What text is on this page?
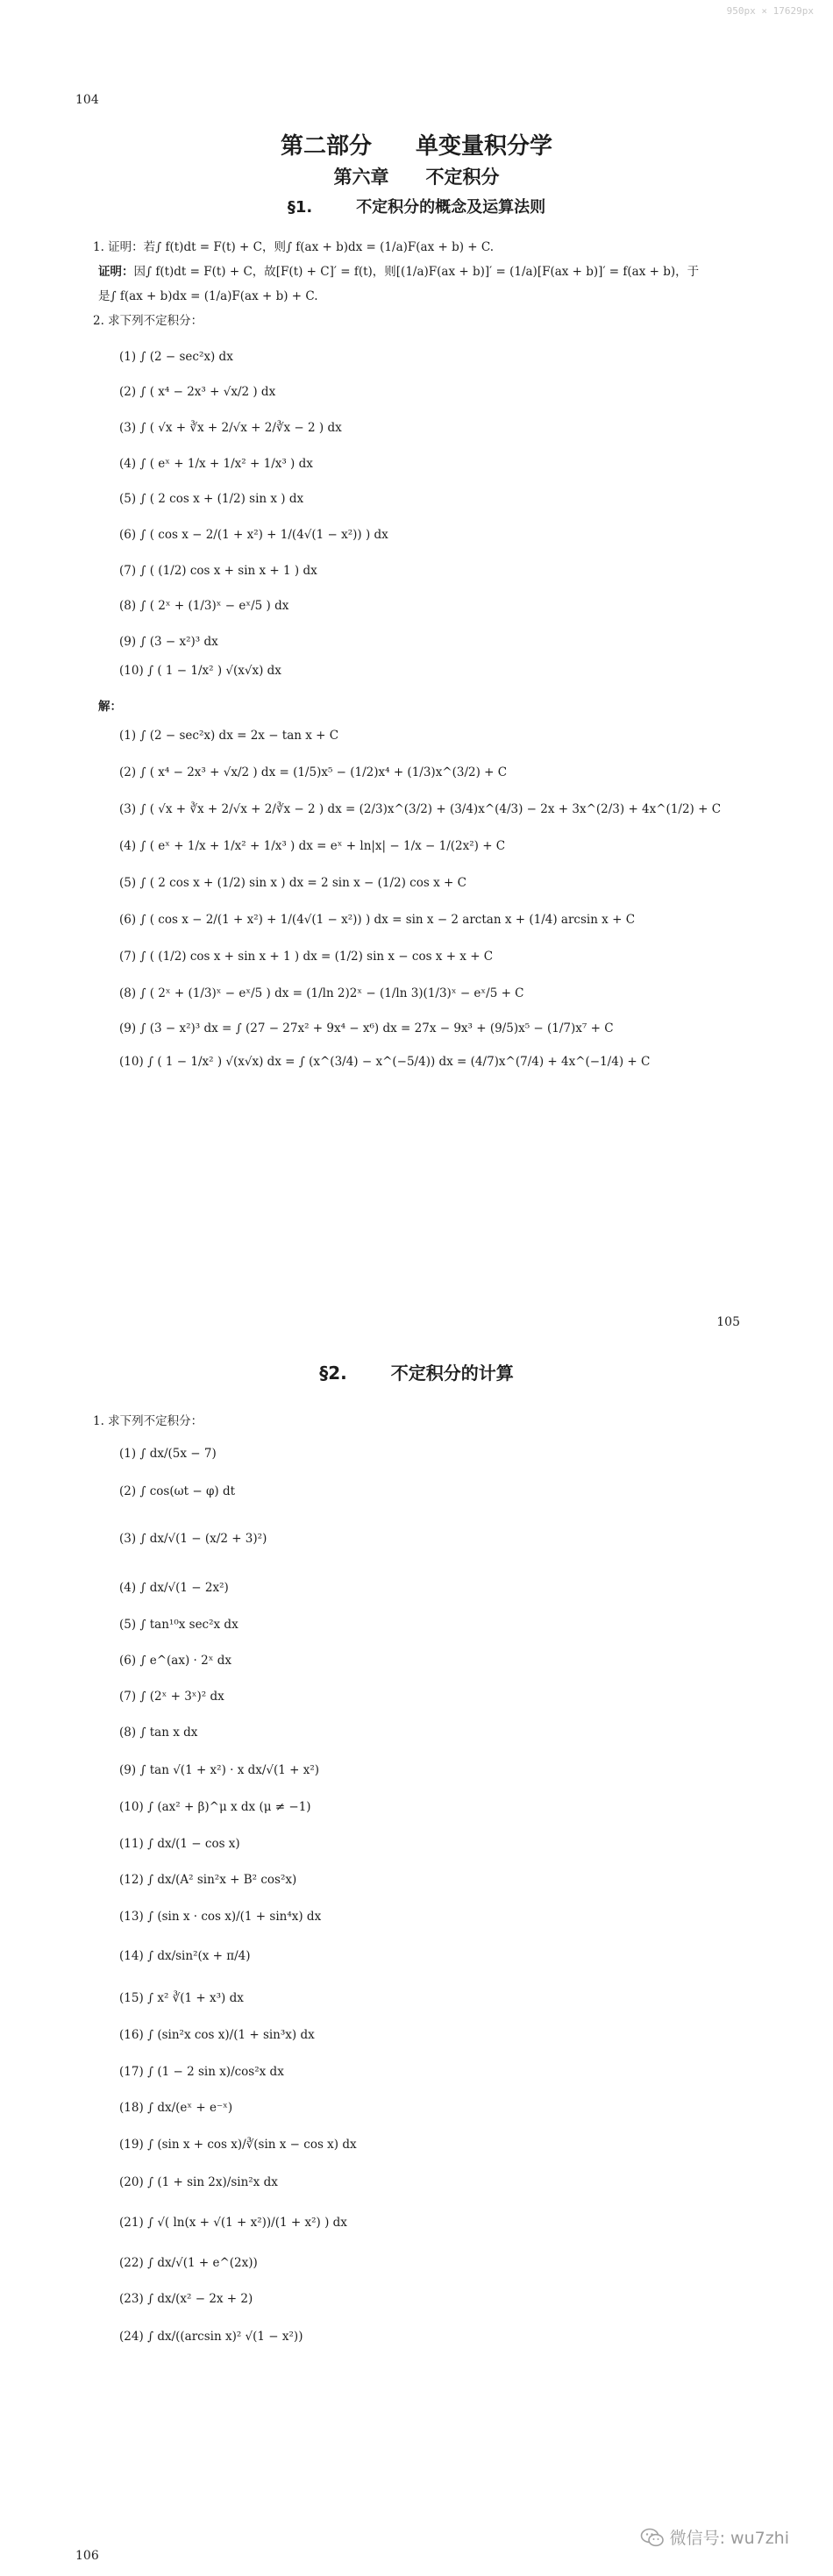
950px × 17629px
104
第二部分 单变量积分学
第六章 不定积分
§1.	不定积分的概念及运算法则
1. 证明：若∫ f(t)dt = F(t) + C，则∫ f(ax + b)dx = (1/a)F(ax + b) + C.
证明：因∫ f(t)dt = F(t) + C，故[F(t) + C]′ = f(t)，则[(1/a)F(ax + b)]′ = (1/a)[F(ax + b)]′ = f(ax + b)，于
是∫ f(ax + b)dx = (1/a)F(ax + b) + C.
2. 求下列不定积分：
(1) ∫ (2 − sec²x) dx
(2) ∫ ( x⁴ − 2x³ + √x/2 ) dx
(3) ∫ ( √x + ∛x + 2/√x + 2/∛x − 2 ) dx
(4) ∫ ( eˣ + 1/x + 1/x² + 1/x³ ) dx
(5) ∫ ( 2 cos x + (1/2) sin x ) dx
(6) ∫ ( cos x − 2/(1 + x²) + 1/(4√(1 − x²)) ) dx
(7) ∫ ( (1/2) cos x + sin x + 1 ) dx
(8) ∫ ( 2ˣ + (1/3)ˣ − eˣ/5 ) dx
(9) ∫ (3 − x²)³ dx
(10) ∫ ( 1 − 1/x² ) √(x√x) dx
解：
(1) ∫ (2 − sec²x) dx = 2x − tan x + C
(2) ∫ ( x⁴ − 2x³ + √x/2 ) dx = (1/5)x⁵ − (1/2)x⁴ + (1/3)x^(3/2) + C
(3) ∫ ( √x + ∛x + 2/√x + 2/∛x − 2 ) dx = (2/3)x^(3/2) + (3/4)x^(4/3) − 2x + 3x^(2/3) + 4x^(1/2) + C
(4) ∫ ( eˣ + 1/x + 1/x² + 1/x³ ) dx = eˣ + ln|x| − 1/x − 1/(2x²) + C
(5) ∫ ( 2 cos x + (1/2) sin x ) dx = 2 sin x − (1/2) cos x + C
(6) ∫ ( cos x − 2/(1 + x²) + 1/(4√(1 − x²)) ) dx = sin x − 2 arctan x + (1/4) arcsin x + C
(7) ∫ ( (1/2) cos x + sin x + 1 ) dx = (1/2) sin x − cos x + x + C
(8) ∫ ( 2ˣ + (1/3)ˣ − eˣ/5 ) dx = (1/ln 2)2ˣ − (1/ln 3)(1/3)ˣ − eˣ/5 + C
(9) ∫ (3 − x²)³ dx = ∫ (27 − 27x² + 9x⁴ − x⁶) dx = 27x − 9x³ + (9/5)x⁵ − (1/7)x⁷ + C
(10) ∫ ( 1 − 1/x² ) √(x√x) dx = ∫ (x^(3/4) − x^(−5/4)) dx = (4/7)x^(7/4) + 4x^(−1/4) + C
105
§2.	不定积分的计算
1. 求下列不定积分：
(1) ∫ dx/(5x − 7)
(2) ∫ cos(ωt − φ) dt
(3) ∫ dx/√(1 − (x/2 + 3)²)
(4) ∫ dx/√(1 − 2x²)
(5) ∫ tan¹⁰x sec²x dx
(6) ∫ e^(ax) · 2ˣ dx
(7) ∫ (2ˣ + 3ˣ)² dx
(8) ∫ tan x dx
(9) ∫ tan √(1 + x²) · x dx/√(1 + x²)
(10) ∫ (ax² + β)^μ x dx (μ ≠ −1)
(11) ∫ dx/(1 − cos x)
(12) ∫ dx/(A² sin²x + B² cos²x)
(13) ∫ (sin x · cos x)/(1 + sin⁴x) dx
(14) ∫ dx/sin²(x + π/4)
(15) ∫ x² ∛(1 + x³) dx
(16) ∫ (sin²x cos x)/(1 + sin³x) dx
(17) ∫ (1 − 2 sin x)/cos²x dx
(18) ∫ dx/(eˣ + e⁻ˣ)
(19) ∫ (sin x + cos x)/∛(sin x − cos x) dx
(20) ∫ (1 + sin 2x)/sin²x dx
(21) ∫ √( ln(x + √(1 + x²))/(1 + x²) ) dx
(22) ∫ dx/√(1 + e^(2x))
(23) ∫ dx/(x² − 2x + 2)
(24) ∫ dx/((arcsin x)² √(1 − x²))
微信号: wu7zhi
106
